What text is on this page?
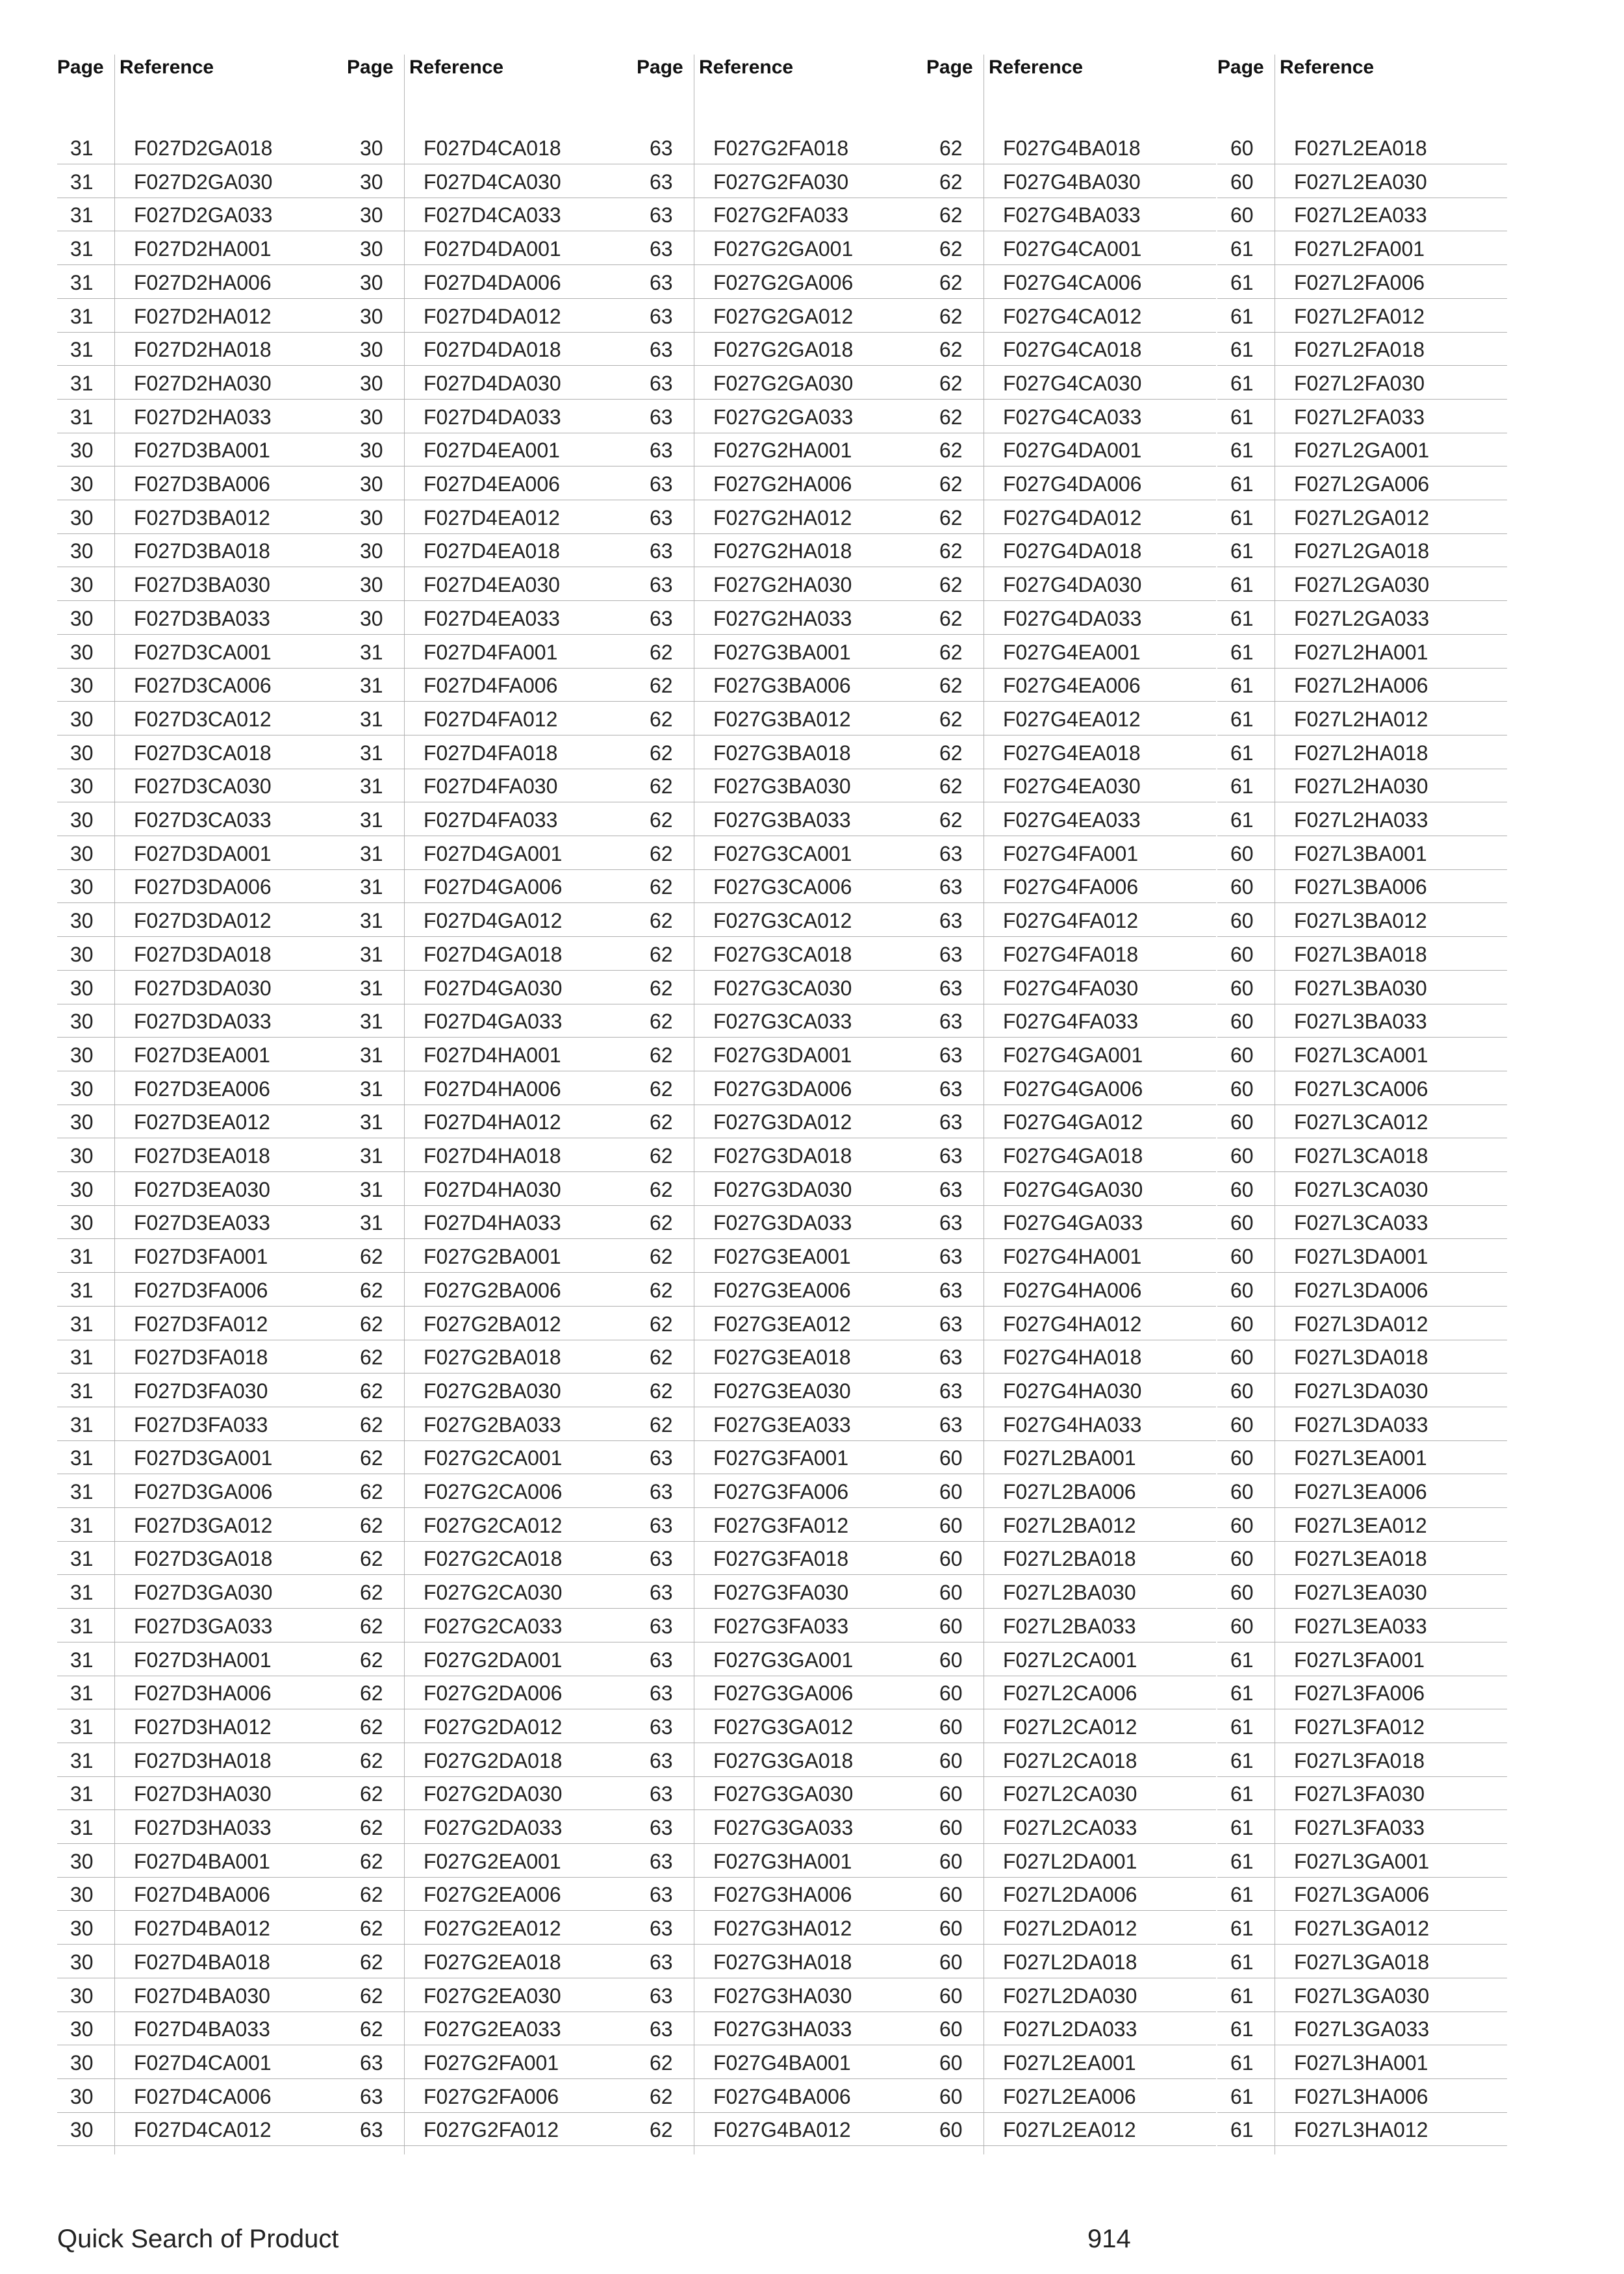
Page Reference
31 F027D2GA018
31 F027D2GA030
31 F027D2GA033
31 F027D2HA001
31 F027D2HA006
31 F027D2HA012
31 F027D2HA018
31 F027D2HA030
31 F027D2HA033
30 F027D3BA001
30 F027D3BA006
30 F027D3BA012
30 F027D3BA018
30 F027D3BA030
30 F027D3BA033
30 F027D3CA001
30 F027D3CA006
30 F027D3CA012
30 F027D3CA018
30 F027D3CA030
30 F027D3CA033
30 F027D3DA001
30 F027D3DA006
30 F027D3DA012
30 F027D3DA018
30 F027D3DA030
30 F027D3DA033
30 F027D3EA001
30 F027D3EA006
30 F027D3EA012
30 F027D3EA018
30 F027D3EA030
30 F027D3EA033
31 F027D3FA001
31 F027D3FA006
31 F027D3FA012
31 F027D3FA018
31 F027D3FA030
31 F027D3FA033
31 F027D3GA001
31 F027D3GA006
31 F027D3GA012
31 F027D3GA018
31 F027D3GA030
31 F027D3GA033
31 F027D3HA001
31 F027D3HA006
31 F027D3HA012
31 F027D3HA018
31 F027D3HA030
31 F027D3HA033
30 F027D4BA001
30 F027D4BA006
30 F027D4BA012
30 F027D4BA018
30 F027D4BA030
30 F027D4BA033
30 F027D4CA001
30 F027D4CA006
30 F027D4CA012
Page Reference
30 F027D4CA018
30 F027D4CA030
30 F027D4CA033
30 F027D4DA001
30 F027D4DA006
30 F027D4DA012
30 F027D4DA018
30 F027D4DA030
30 F027D4DA033
30 F027D4EA001
30 F027D4EA006
30 F027D4EA012
30 F027D4EA018
30 F027D4EA030
30 F027D4EA033
31 F027D4FA001
31 F027D4FA006
31 F027D4FA012
31 F027D4FA018
31 F027D4FA030
31 F027D4FA033
31 F027D4GA001
31 F027D4GA006
31 F027D4GA012
31 F027D4GA018
31 F027D4GA030
31 F027D4GA033
31 F027D4HA001
31 F027D4HA006
31 F027D4HA012
31 F027D4HA018
31 F027D4HA030
31 F027D4HA033
62 F027G2BA001
62 F027G2BA006
62 F027G2BA012
62 F027G2BA018
62 F027G2BA030
62 F027G2BA033
62 F027G2CA001
62 F027G2CA006
62 F027G2CA012
62 F027G2CA018
62 F027G2CA030
62 F027G2CA033
62 F027G2DA001
62 F027G2DA006
62 F027G2DA012
62 F027G2DA018
62 F027G2DA030
62 F027G2DA033
62 F027G2EA001
62 F027G2EA006
62 F027G2EA012
62 F027G2EA018
62 F027G2EA030
62 F027G2EA033
63 F027G2FA001
63 F027G2FA006
63 F027G2FA012
Page Reference
63 F027G2FA018
63 F027G2FA030
63 F027G2FA033
63 F027G2GA001
63 F027G2GA006
63 F027G2GA012
63 F027G2GA018
63 F027G2GA030
63 F027G2GA033
63 F027G2HA001
63 F027G2HA006
63 F027G2HA012
63 F027G2HA018
63 F027G2HA030
63 F027G2HA033
62 F027G3BA001
62 F027G3BA006
62 F027G3BA012
62 F027G3BA018
62 F027G3BA030
62 F027G3BA033
62 F027G3CA001
62 F027G3CA006
62 F027G3CA012
62 F027G3CA018
62 F027G3CA030
62 F027G3CA033
62 F027G3DA001
62 F027G3DA006
62 F027G3DA012
62 F027G3DA018
62 F027G3DA030
62 F027G3DA033
62 F027G3EA001
62 F027G3EA006
62 F027G3EA012
62 F027G3EA018
62 F027G3EA030
62 F027G3EA033
63 F027G3FA001
63 F027G3FA006
63 F027G3FA012
63 F027G3FA018
63 F027G3FA030
63 F027G3FA033
63 F027G3GA001
63 F027G3GA006
63 F027G3GA012
63 F027G3GA018
63 F027G3GA030
63 F027G3GA033
63 F027G3HA001
63 F027G3HA006
63 F027G3HA012
63 F027G3HA018
63 F027G3HA030
63 F027G3HA033
62 F027G4BA001
62 F027G4BA006
62 F027G4BA012
Page Reference
62 F027G4BA018
62 F027G4BA030
62 F027G4BA033
62 F027G4CA001
62 F027G4CA006
62 F027G4CA012
62 F027G4CA018
62 F027G4CA030
62 F027G4CA033
62 F027G4DA001
62 F027G4DA006
62 F027G4DA012
62 F027G4DA018
62 F027G4DA030
62 F027G4DA033
62 F027G4EA001
62 F027G4EA006
62 F027G4EA012
62 F027G4EA018
62 F027G4EA030
62 F027G4EA033
63 F027G4FA001
63 F027G4FA006
63 F027G4FA012
63 F027G4FA018
63 F027G4FA030
63 F027G4FA033
63 F027G4GA001
63 F027G4GA006
63 F027G4GA012
63 F027G4GA018
63 F027G4GA030
63 F027G4GA033
63 F027G4HA001
63 F027G4HA006
63 F027G4HA012
63 F027G4HA018
63 F027G4HA030
63 F027G4HA033
60 F027L2BA001
60 F027L2BA006
60 F027L2BA012
60 F027L2BA018
60 F027L2BA030
60 F027L2BA033
60 F027L2CA001
60 F027L2CA006
60 F027L2CA012
60 F027L2CA018
60 F027L2CA030
60 F027L2CA033
60 F027L2DA001
60 F027L2DA006
60 F027L2DA012
60 F027L2DA018
60 F027L2DA030
60 F027L2DA033
60 F027L2EA001
60 F027L2EA006
60 F027L2EA012
Page Reference
60 F027L2EA018
60 F027L2EA030
60 F027L2EA033
61 F027L2FA001
61 F027L2FA006
61 F027L2FA012
61 F027L2FA018
61 F027L2FA030
61 F027L2FA033
61 F027L2GA001
61 F027L2GA006
61 F027L2GA012
61 F027L2GA018
61 F027L2GA030
61 F027L2GA033
61 F027L2HA001
61 F027L2HA006
61 F027L2HA012
61 F027L2HA018
61 F027L2HA030
61 F027L2HA033
60 F027L3BA001
60 F027L3BA006
60 F027L3BA012
60 F027L3BA018
60 F027L3BA030
60 F027L3BA033
60 F027L3CA001
60 F027L3CA006
60 F027L3CA012
60 F027L3CA018
60 F027L3CA030
60 F027L3CA033
60 F027L3DA001
60 F027L3DA006
60 F027L3DA012
60 F027L3DA018
60 F027L3DA030
60 F027L3DA033
60 F027L3EA001
60 F027L3EA006
60 F027L3EA012
60 F027L3EA018
60 F027L3EA030
60 F027L3EA033
61 F027L3FA001
61 F027L3FA006
61 F027L3FA012
61 F027L3FA018
61 F027L3FA030
61 F027L3FA033
61 F027L3GA001
61 F027L3GA006
61 F027L3GA012
61 F027L3GA018
61 F027L3GA030
61 F027L3GA033
61 F027L3HA001
61 F027L3HA006
61 F027L3HA012
Quick Search of Product	914
